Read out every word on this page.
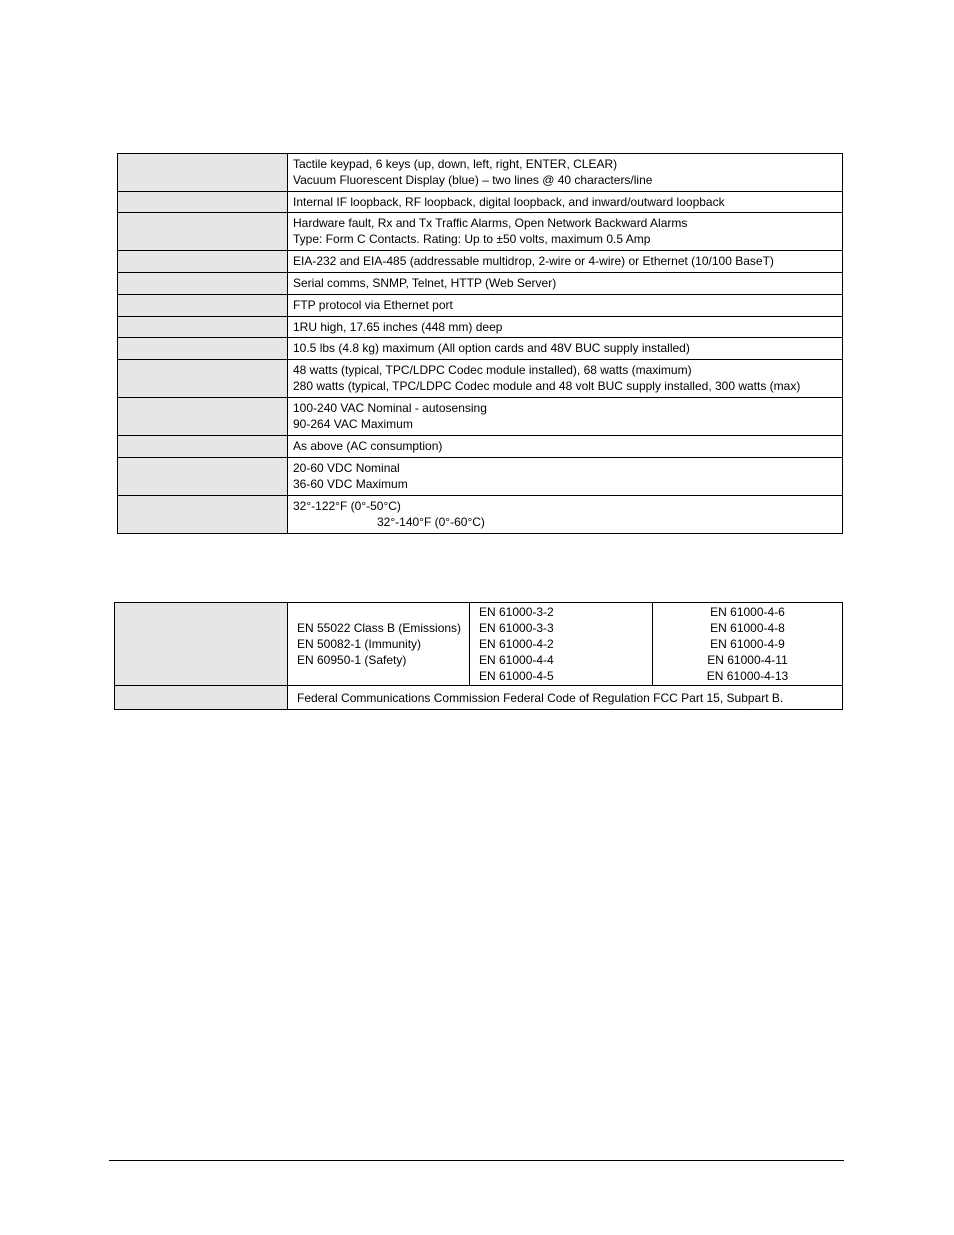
	Tactile keypad, 6 keys (up, down, left, right, ENTER, CLEAR)
Vacuum Fluorescent Display (blue) – two lines @ 40 characters/line

	Internal IF loopback, RF loopback, digital loopback, and inward/outward loopback

	Hardware fault, Rx and Tx Traffic Alarms, Open Network Backward Alarms
Type: Form C Contacts. Rating: Up to ±50 volts, maximum 0.5 Amp

	EIA-232 and EIA-485 (addressable multidrop, 2-wire or 4-wire) or Ethernet (10/100 BaseT)

	Serial comms, SNMP, Telnet, HTTP (Web Server)

	FTP protocol via Ethernet port

	1RU high, 17.65 inches (448 mm) deep

	10.5 lbs (4.8 kg) maximum (All option cards and 48V BUC supply installed)

	48 watts (typical, TPC/LDPC Codec module installed), 68 watts (maximum)
280 watts (typical, TPC/LDPC Codec module and 48 volt BUC supply installed, 300 watts (max)

	100-240 VAC Nominal - autosensing
90-264 VAC Maximum

	As above (AC consumption)

	20-60 VDC Nominal
36-60 VDC Maximum

	32°-122°F (0°-50°C)
32°-140°F (0°-60°C)

	EN 55022 Class B (Emissions)
EN 50082-1 (Immunity)
EN 60950-1 (Safety)	EN 61000-3-2
EN 61000-3-3
EN 61000-4-2
EN 61000-4-4
EN 61000-4-5	EN 61000-4-6
EN 61000-4-8
EN 61000-4-9
EN 61000-4-11
EN 61000-4-13

	Federal Communications Commission Federal Code of Regulation FCC Part 15, Subpart B.		
